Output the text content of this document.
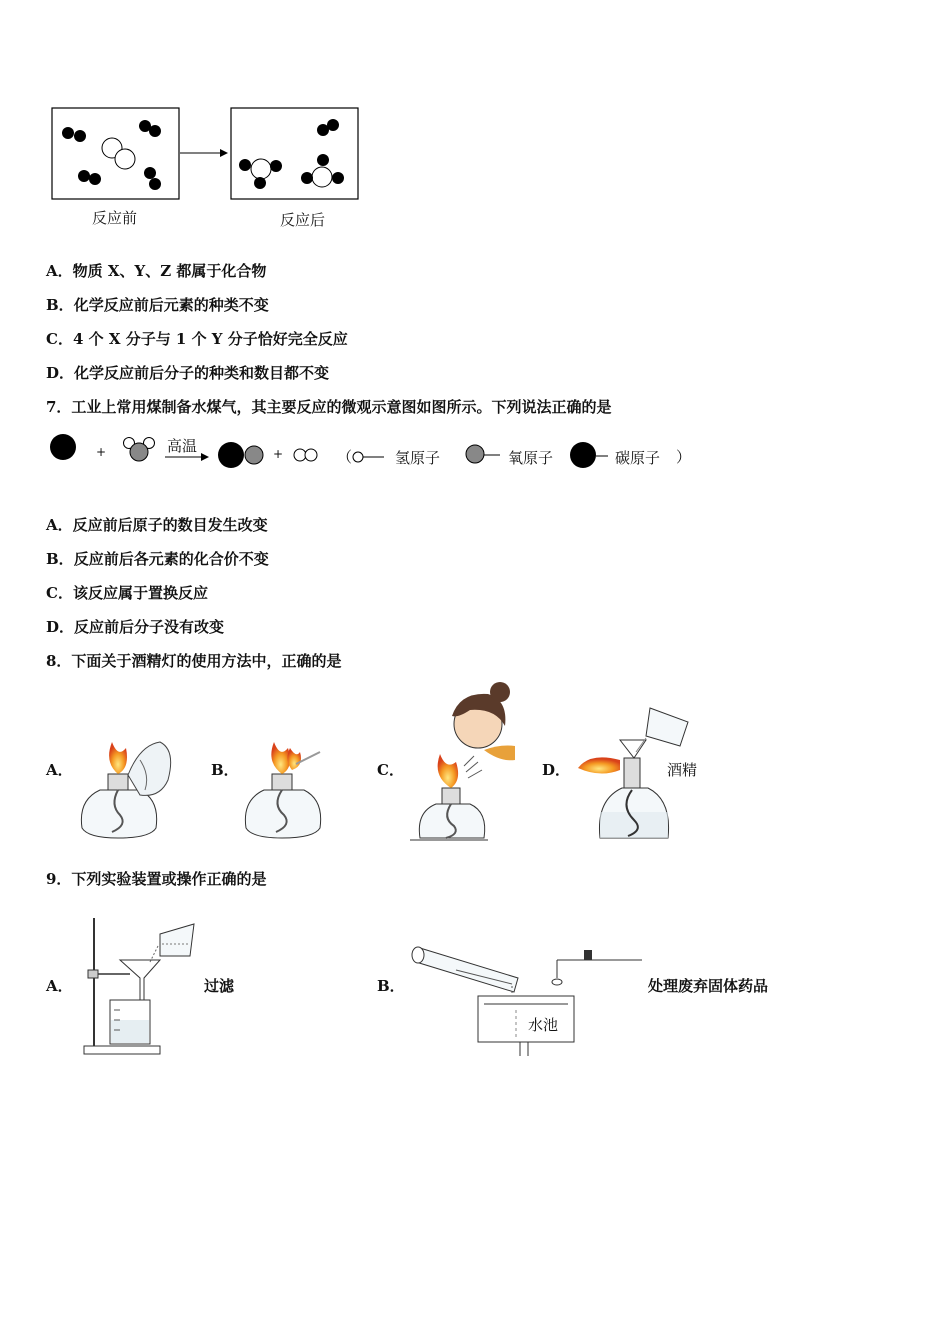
反应前	反应后
A．物质 X、Y、Z 都属于化合物
B．化学反应前后元素的种类不变
C．4 个 X 分子与 1 个 Y 分子恰好完全反应
D．化学反应前后分子的种类和数目都不变
7．工业上常用煤制备水煤气，其主要反应的微观示意图如图所示。下列说法正确的是
+	高温	+	（	氢原子	氧原子	碳原子 ）
A．反应前后原子的数目发生改变
B．反应前后各元素的化合价不变
C．该反应属于置换反应
D．反应前后分子没有改变
8．下面关于酒精灯的使用方法中，正确的是
A．	B．	C．	D．	酒精
9．下列实验装置或操作正确的是
A．	过滤	B．	处理废弃固体药品
水池
